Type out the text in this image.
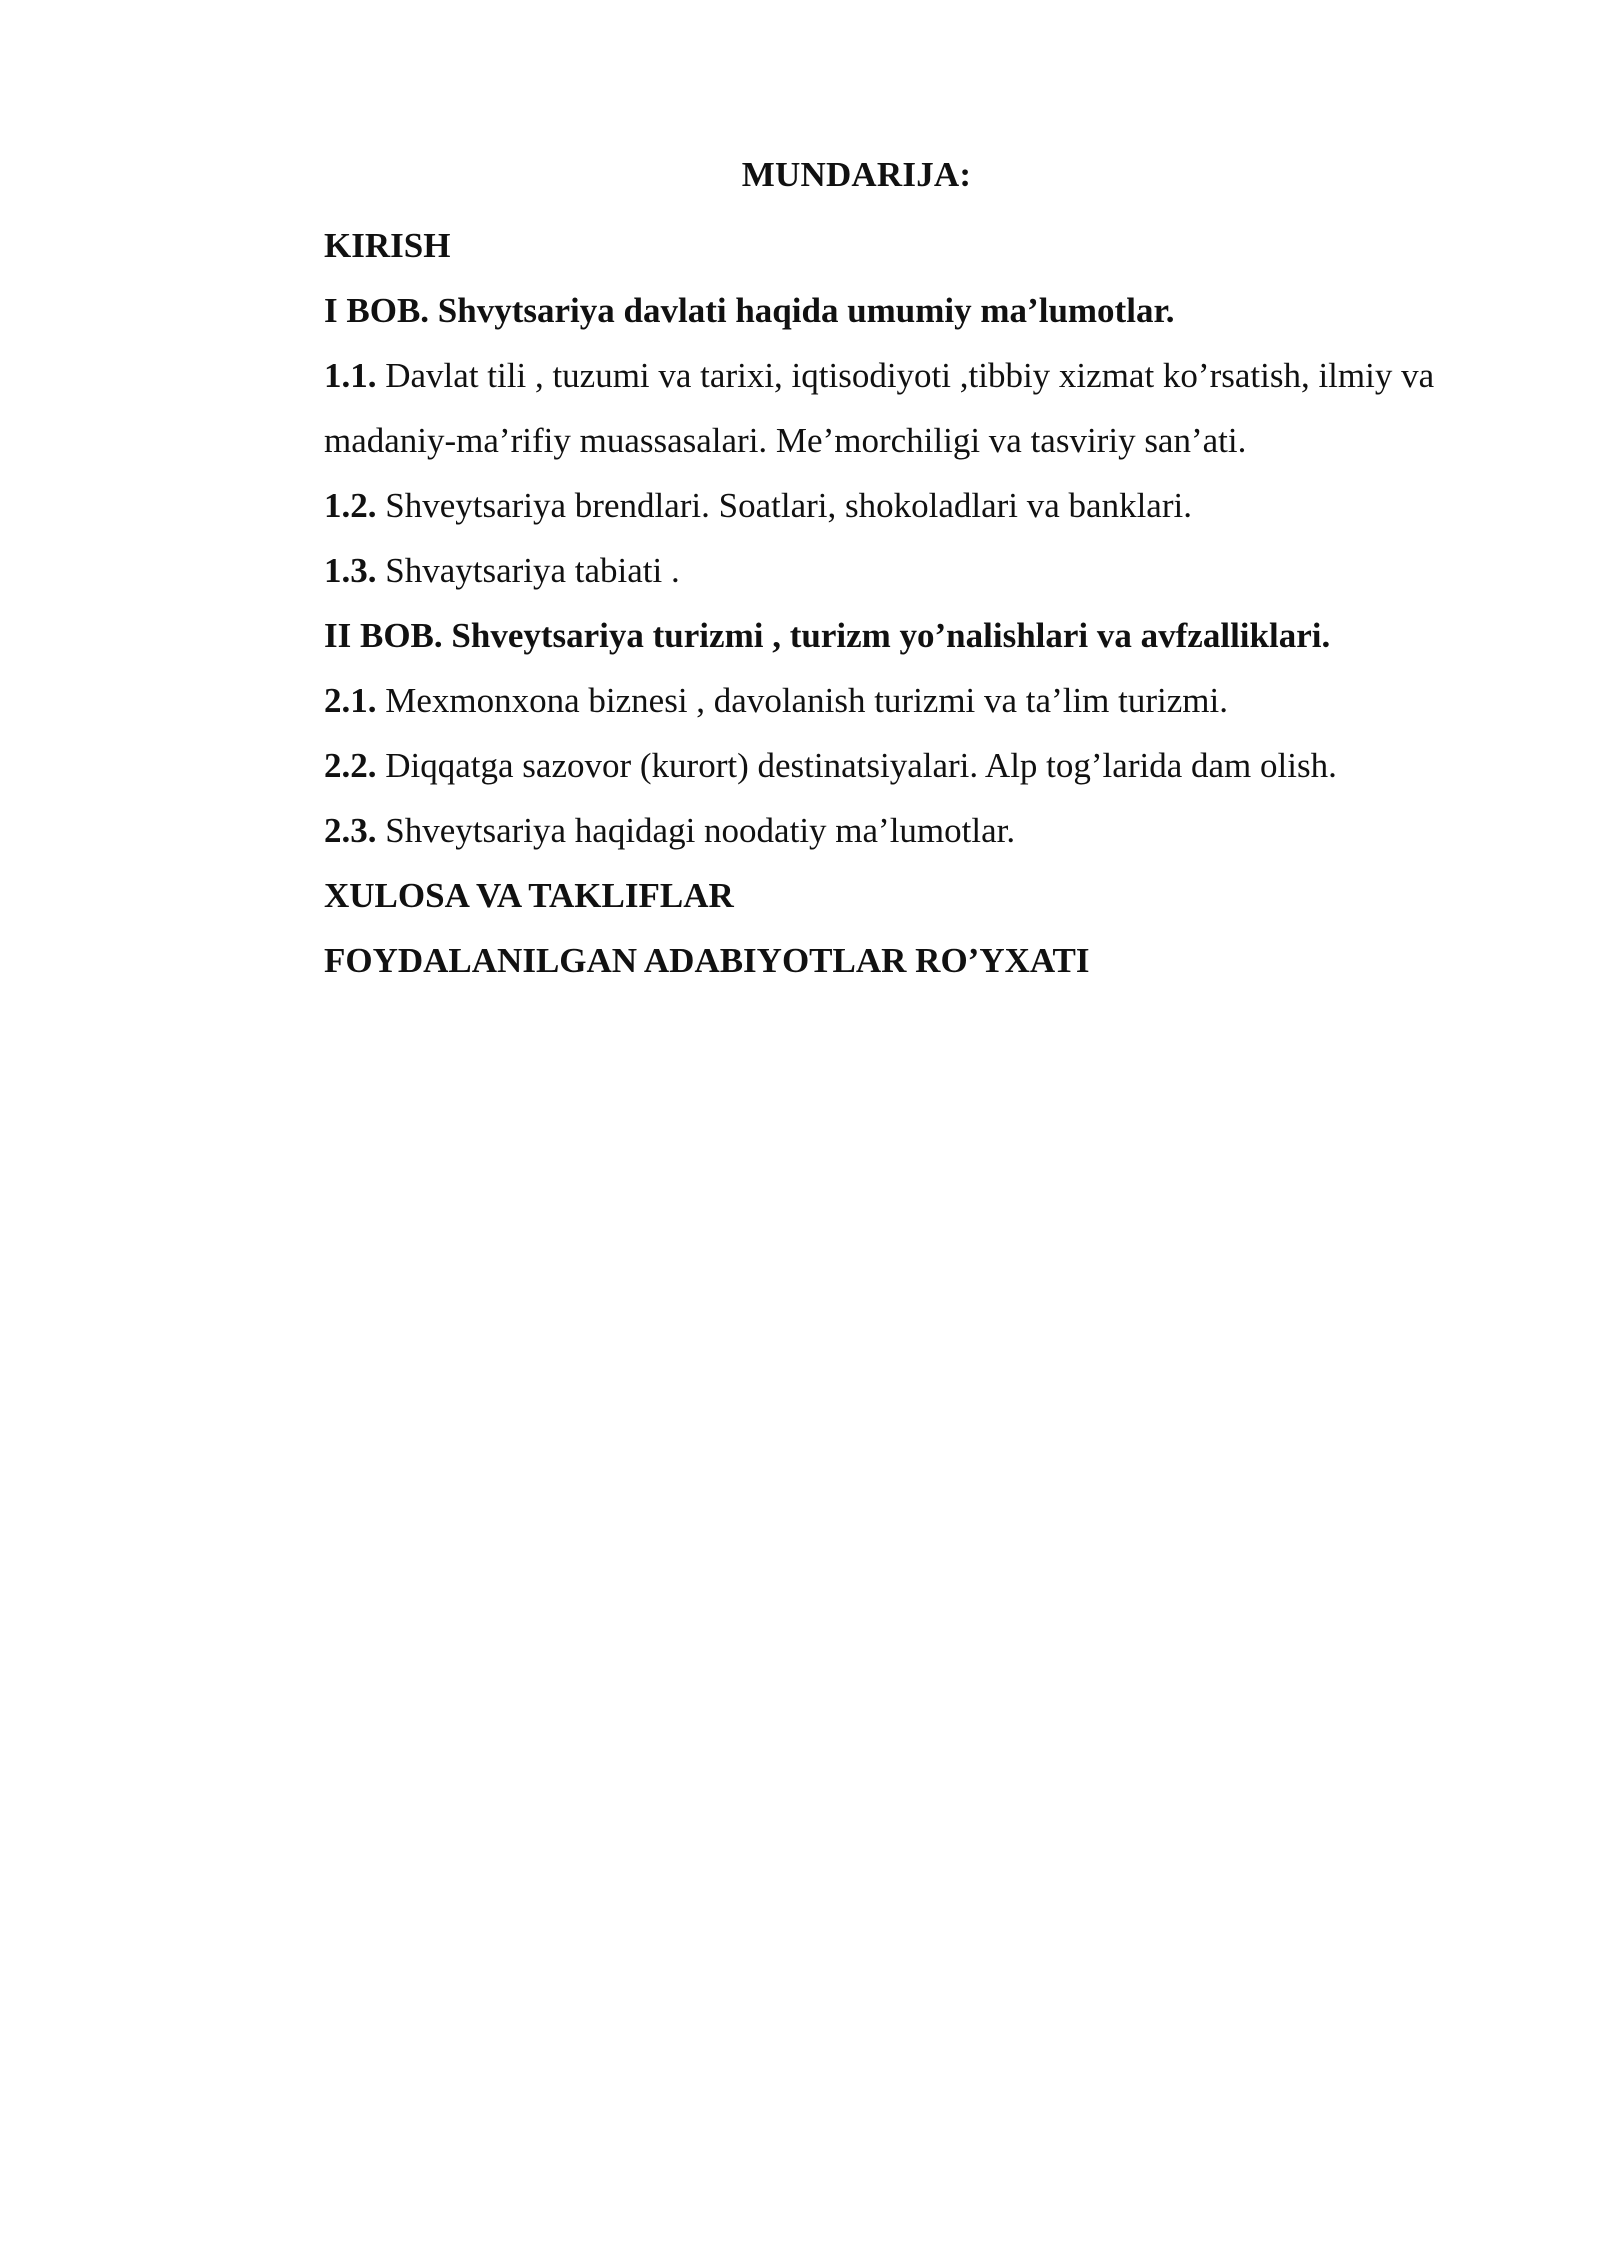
MUNDARIJA:
KIRISH
I BOB. Shvytsariya davlati haqida umumiy ma’lumotlar.
1.1. Davlat tili , tuzumi va tarixi, iqtisodiyoti ,tibbiy xizmat ko’rsatish, ilmiy va madaniy-ma’rifiy muassasalari. Me’morchiligi va tasviriy san’ati.
1.2. Shveytsariya brendlari. Soatlari, shokoladlari va banklari.
1.3. Shvaytsariya tabiati .
II BOB. Shveytsariya turizmi , turizm yo’nalishlari va avfzalliklari.
2.1. Mexmonxona biznesi , davolanish turizmi va ta’lim turizmi.
2.2. Diqqatga sazovor (kurort) destinatsiyalari. Alp tog’larida dam olish.
2.3. Shveytsariya haqidagi noodatiy ma’lumotlar.
XULOSA VA TAKLIFLAR
FOYDALANILGAN ADABIYOTLAR RO’YXATI
